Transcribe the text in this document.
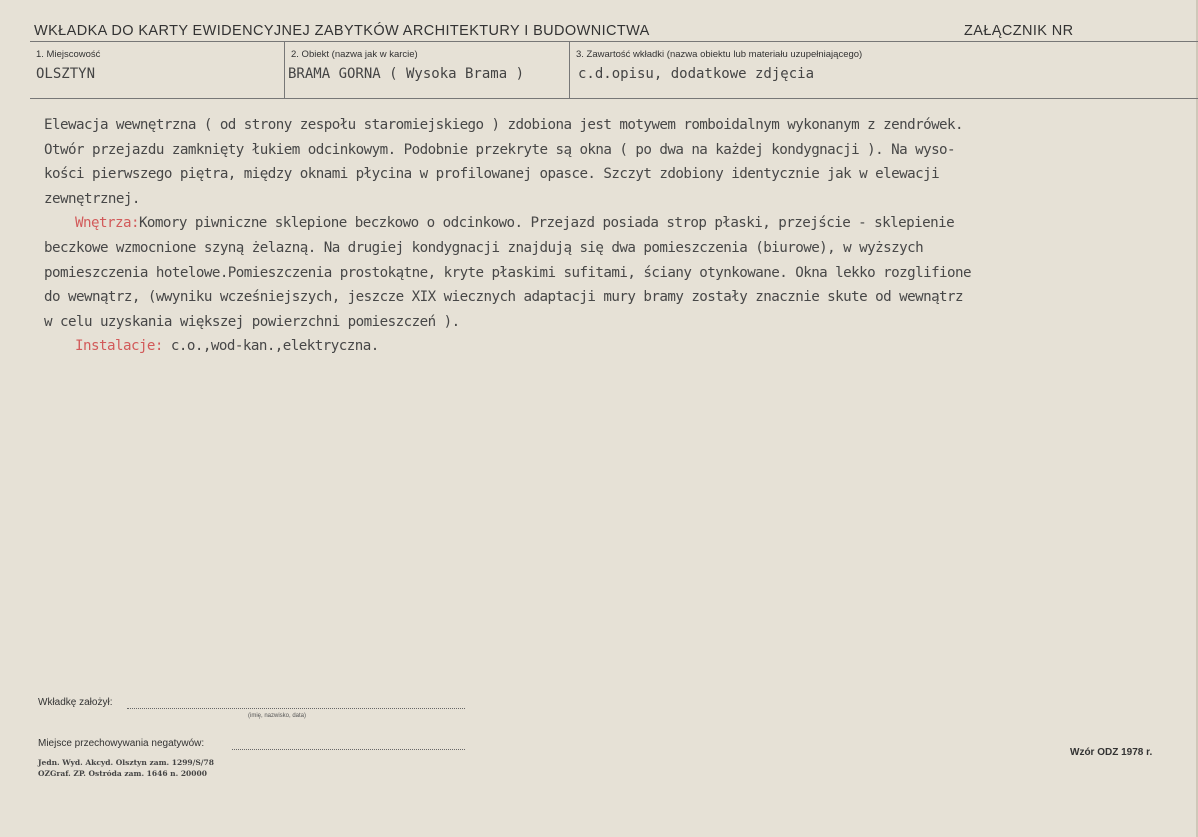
WKŁADKA DO KARTY EWIDENCYJNEJ ZABYTKÓW ARCHITEKTURY I BUDOWNICTWA	ZAŁĄCZNIK NR
1. Miejscowość
OLSZTYN
2. Obiekt (nazwa jak w karcie)
BRAMA GORNA ( Wysoka Brama )
3. Zawartość wkładki (nazwa obiektu lub materiału uzupełniającego)
c.d.opisu, dodatkowe zdjęcia
Elewacja wewnętrzna ( od strony zespołu staromiejskiego ) zdobiona jest motywem romboidalnym wykonanym z zendrówek.
Otwór przejazdu zamknięty łukiem odcinkowym. Podobnie przekryte są okna ( po dwa na każdej kondygnacji ). Na wyso-
kości pierwszego piętra, między oknami płycina w profilowanej opasce. Szczyt zdobiony identycznie jak w elewacji
zewnętrznej.
Wnętrza:Komory piwniczne sklepione beczkowo o odcinkowo. Przejazd posiada strop płaski, przejście - sklepienie
beczkowe wzmocnione szyną żelazną. Na drugiej kondygnacji znajdują się dwa pomieszczenia (biurowe), w wyższych
pomieszczenia hotelowe.Pomieszczenia prostokątne, kryte płaskimi sufitami, ściany otynkowane. Okna lekko rozglifione
do wewnątrz, (wwyniku wcześniejszych, jeszcze XIX wiecznych adaptacji mury bramy zostały znacznie skute od wewnątrz
w celu uzyskania większej powierzchni pomieszczeń ).
Instalacje: c.o.,wod-kan.,elektryczna.
Wkładkę założył:
(imię, nazwisko, data)
Miejsce przechowywania negatywów:
Jedn. Wyd. Akcyd. Olsztyn zam. 1299/S/78
OZGraf. ZP. Ostróda zam. 1646 n. 20000
Wzór ODZ 1978 r.
